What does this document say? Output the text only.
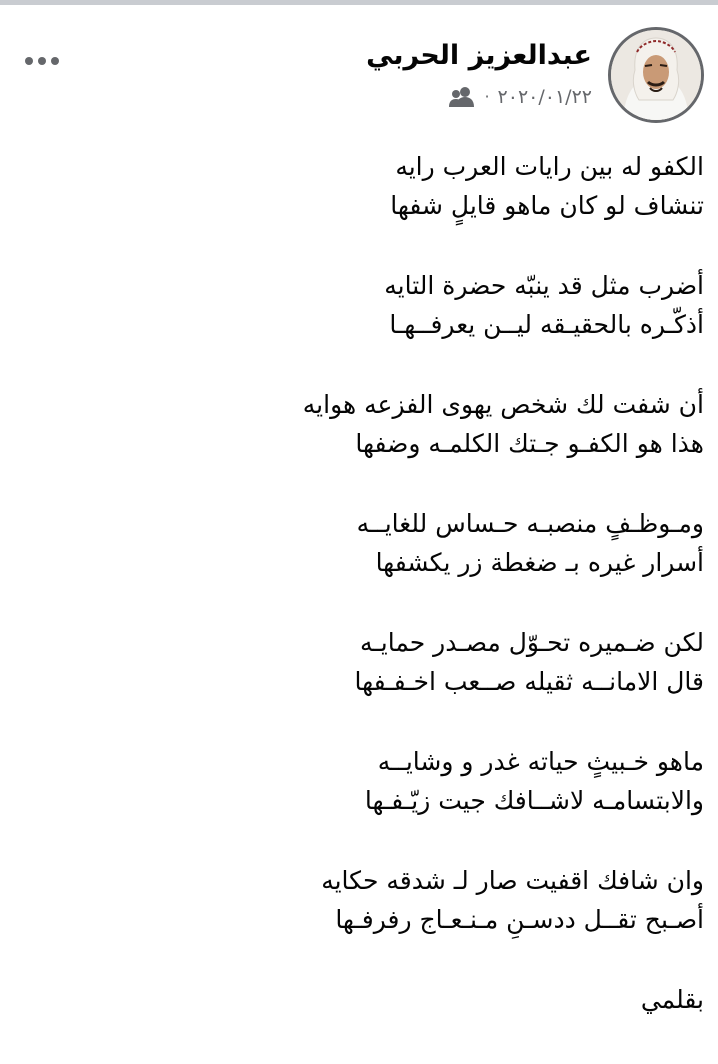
عبدالعزيز الحربي
٢٠٢٠/٠١/٢٢
·
الكفو له بين رايات العرب رايه
تنشاف لو كان ماهو قايلٍ شفها
أضرب مثل قد ينبّه حضرة التايه
أذكّـره بالحقيـقه ليــن يعرفــهـا
أن شفت لك شخص يهوى الفزعه هوايه
هذا هو الكفـو جـتك الكلمـه وضفها
ومـوظـفٍ منصبـه حـساس للغايــه
أسرار غيره بـ ضغطة زر يكشفها
لكن ضـميره تحـوّل مصـدر حمايـه
قال الامانــه ثقيله صــعب اخـفـفها
ماهو خـبيثٍ حياته غدر و وشايــه
والابتسامـه لاشــافك جيت زيّـفـها
وان شافك اقفيت صار لـ شدقه حكايه
أصـبح تقــل ددسـنِ مـنـعـاج رفرفـها
بقلمي
